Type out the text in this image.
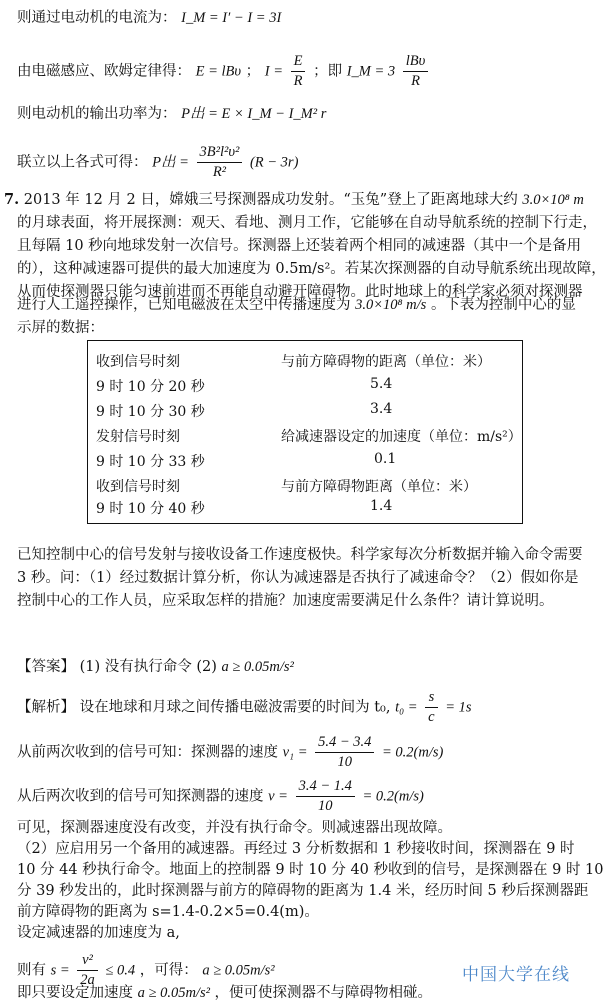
则通过电动机的电流为： I_M = I′ − I = 3I
由电磁感应、欧姆定律得： E = lBυ ； $I = \frac{E}{R}$ ；即 I_M = $3 \frac{\text{lBυ}}{R}$
则电动机的输出功率为： P出 = E × I_M − I_M² r
联立以上各式可得： P出 = $\frac{\text{3B²l²υ²}}{\text{R²}} (R - 3r)$
7. 2013 年 12 月 2 日，嫦娥三号探测器成功发射。“玉兔”登上了距离地球大约 3.0×10⁸ m
的月球表面，将开展探测：观天、看地、测月工作，它能够在自动导航系统的控制下行走，
且每隔 10 秒向地球发射一次信号。探测器上还装着两个相同的减速器（其中一个是备用
的），这种减速器可提供的最大加速度为 0.5m/s²。若某次探测器的自动导航系统出现故障，
从而使探测器只能匀速前进而不再能自动避开障碍物。此时地球上的科学家必须对探测器
进行人工遥控操作，已知电磁波在太空中传播速度为 3.0×10⁸ m/s 。下表为控制中心的显
示屏的数据：
收到信号时刻	与前方障碍物的距离（单位：米）
9 时 10 分 20 秒	5.4
9 时 10 分 30 秒	3.4
发射信号时刻	给减速器设定的加速度（单位：m/s²）
9 时 10 分 33 秒	0.1
收到信号时刻	与前方障碍物距离（单位：米）
9 时 10 分 40 秒	1.4
已知控制中心的信号发射与接收设备工作速度极快。科学家每次分析数据并输入命令需要
3 秒。问：（1）经过数据计算分析，你认为减速器是否执行了减速命令？（2）假如你是
控制中心的工作人员，应采取怎样的措施？加速度需要满足什么条件？请计算说明。
【答案】 (1) 没有执行命令 (2) a ≥ 0.05m/s²
【解析】 设在地球和月球之间传播电磁波需要的时间为 t₀, $t_0 = \frac{s}{c} = 1s$
从前两次收到的信号可知：探测器的速度 $v_1 = \frac{5.4 - 3.4}{10} = 0.2(m/s)$
从后两次收到的信号可知探测器的速度 $v = \frac{3.4 - 1.4}{10} = 0.2(m/s)$
可见，探测器速度没有改变，并没有执行命令。则减速器出现故障。
（2）应启用另一个备用的减速器。再经过 3 分析数据和 1 秒接收时间，探测器在 9 时
10 分 44 秒执行命令。地面上的控制器 9 时 10 分 40 秒收到的信号，是探测器在 9 时 10
分 39 秒发出的，此时探测器与前方的障碍物的距离为 1.4 米，经历时间 5 秒后探测器距
前方障碍物的距离为 s=1.4-0.2×5=0.4(m)。
设定减速器的加速度为 a,
则有 $s = \frac{\text{v²}}{2a} \le 0.4$ ，可得： a ≥ 0.05m/s²
即只要设定加速度 a ≥ 0.05m/s² ，便可使探测器不与障碍物相碰。
中国大学在线
